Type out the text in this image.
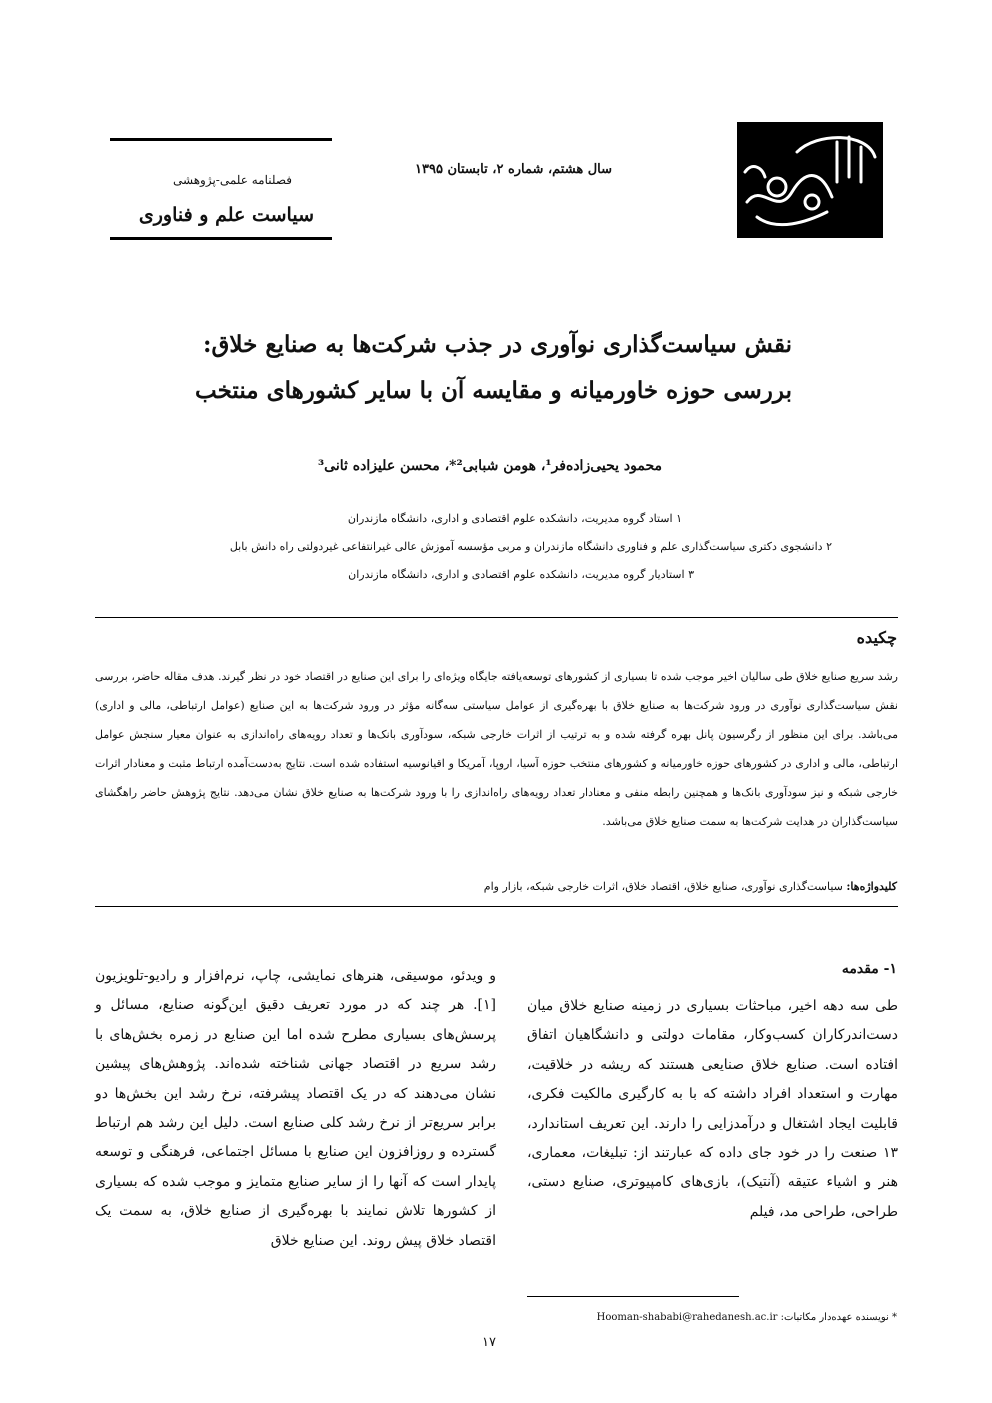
سال هشتم، شماره ۲، تابستان ۱۳۹۵
فصلنامه علمی-پژوهشی
سیاست علم و فناوری
نقش سیاست‌گذاری نوآوری در جذب شرکت‌ها به صنایع خلاق:
بررسی حوزه خاورمیانه و مقایسه آن با سایر کشورهای منتخب
محمود یحیی‌زاده‌فر¹، هومن شبابی²*، محسن علیزاده ثانی³
۱ استاد گروه مدیریت، دانشکده علوم اقتصادی و اداری، دانشگاه مازندران
۲ دانشجوی دکتری سیاست‌گذاری علم و فناوری دانشگاه مازندران و مربی مؤسسه آموزش عالی غیرانتفاعی غیردولتی راه دانش بابل
۳ استادیار گروه مدیریت، دانشکده علوم اقتصادی و اداری، دانشگاه مازندران
چکیده
رشد سریع صنایع خلاق طی سالیان اخیر موجب شده تا بسیاری از کشورهای توسعه‌یافته جایگاه ویژه‌ای را برای این صنایع در اقتصاد خود در نظر گیرند. هدف مقاله حاضر، بررسی نقش سیاست‌گذاری نوآوری در ورود شرکت‌ها به صنایع خلاق با بهره‌گیری از عوامل سیاستی سه‌گانه مؤثر در ورود شرکت‌ها به این صنایع (عوامل ارتباطی، مالی و اداری) می‌باشد. برای این منظور از رگرسیون پانل بهره گرفته شده و به ترتیب از اثرات خارجی شبکه، سودآوری بانک‌ها و تعداد رویه‌های راه‌اندازی به عنوان معیار سنجش عوامل ارتباطی، مالی و اداری در کشورهای حوزه خاورمیانه و کشورهای منتخب حوزه آسیا، اروپا، آمریکا و اقیانوسیه استفاده شده است. نتایج به‌دست‌آمده ارتباط مثبت و معنادار اثرات خارجی شبکه و نیز سودآوری بانک‌ها و همچنین رابطه منفی و معنادار تعداد رویه‌های راه‌اندازی را با ورود شرکت‌ها به صنایع خلاق نشان می‌دهد. نتایج پژوهش حاضر راهگشای سیاست‌گذاران در هدایت شرکت‌ها به سمت صنایع خلاق می‌باشد.
کلیدواژه‌ها: سیاست‌گذاری نوآوری، صنایع خلاق، اقتصاد خلاق، اثرات خارجی شبکه، بازار وام
۱- مقدمه
طی سه دهه اخیر، مباحثات بسیاری در زمینه صنایع خلاق میان دست‌اندرکاران کسب‌وکار، مقامات دولتی و دانشگاهیان اتفاق افتاده است. صنایع خلاق صنایعی هستند که ریشه در خلاقیت، مهارت و استعداد افراد داشته که با به کارگیری مالکیت فکری، قابلیت ایجاد اشتغال و درآمدزایی را دارند. این تعریف استاندارد، ۱۳ صنعت را در خود جای داده که عبارتند از: تبلیغات، معماری، هنر و اشیاء عتیقه (آنتیک)، بازی‌های کامپیوتری، صنایع دستی، طراحی، طراحی مد، فیلم
و ویدئو، موسیقی، هنرهای نمایشی، چاپ، نرم‌افزار و رادیو-تلویزیون [۱]. هر چند که در مورد تعریف دقیق این‌گونه صنایع، مسائل و پرسش‌های بسیاری مطرح شده اما این صنایع در زمره بخش‌های با رشد سریع در اقتصاد جهانی شناخته شده‌اند. پژوهش‌های پیشین نشان می‌دهند که در یک اقتصاد پیشرفته، نرخ رشد این بخش‌ها دو برابر سریع‌تر از نرخ رشد کلی صنایع است. دلیل این رشد هم ارتباط گسترده و روزافزون این صنایع با مسائل اجتماعی، فرهنگی و توسعه پایدار است که آنها را از سایر صنایع متمایز و موجب شده که بسیاری از کشورها تلاش نمایند با بهره‌گیری از صنایع خلاق، به سمت یک اقتصاد خلاق پیش روند. این صنایع خلاق
* نویسنده عهده‌دار مکاتبات: Hooman-shababi@rahedanesh.ac.ir
۱۷
